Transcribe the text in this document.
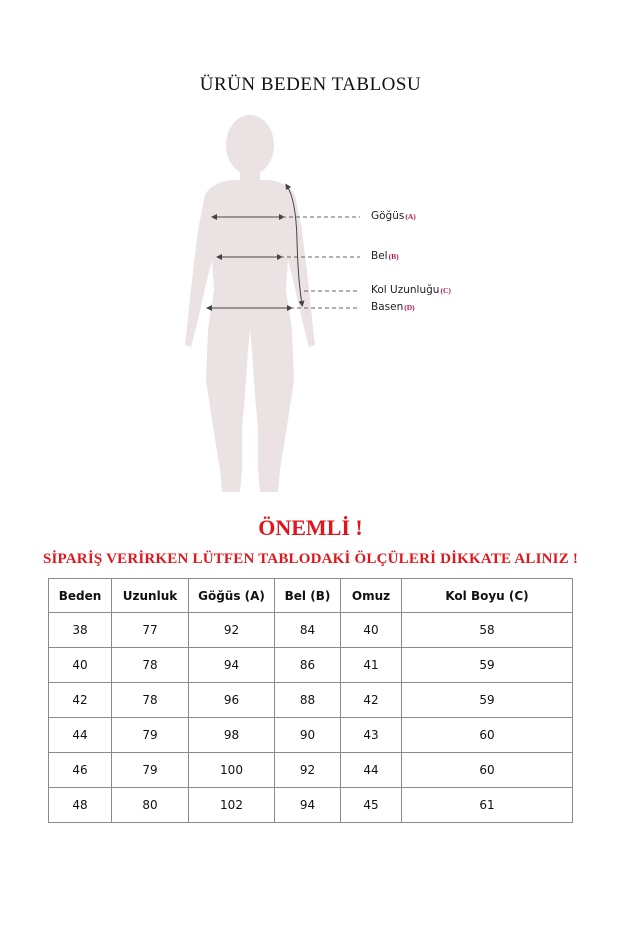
ÜRÜN BEDEN TABLOSU
Göğüs(A)
Bel(B)
Kol Uzunluğu(C)
Basen(D)
ÖNEMLİ !
SİPARİŞ VERİRKEN LÜTFEN TABLODAKİ ÖLÇÜLERİ DİKKATE ALINIZ !
Beden	Uzunluk	Göğüs (A)	Bel (B)	Omuz	Kol Boyu (C)
38	77	92	84	40	58
40	78	94	86	41	59
42	78	96	88	42	59
44	79	98	90	43	60
46	79	100	92	44	60
48	80	102	94	45	61
